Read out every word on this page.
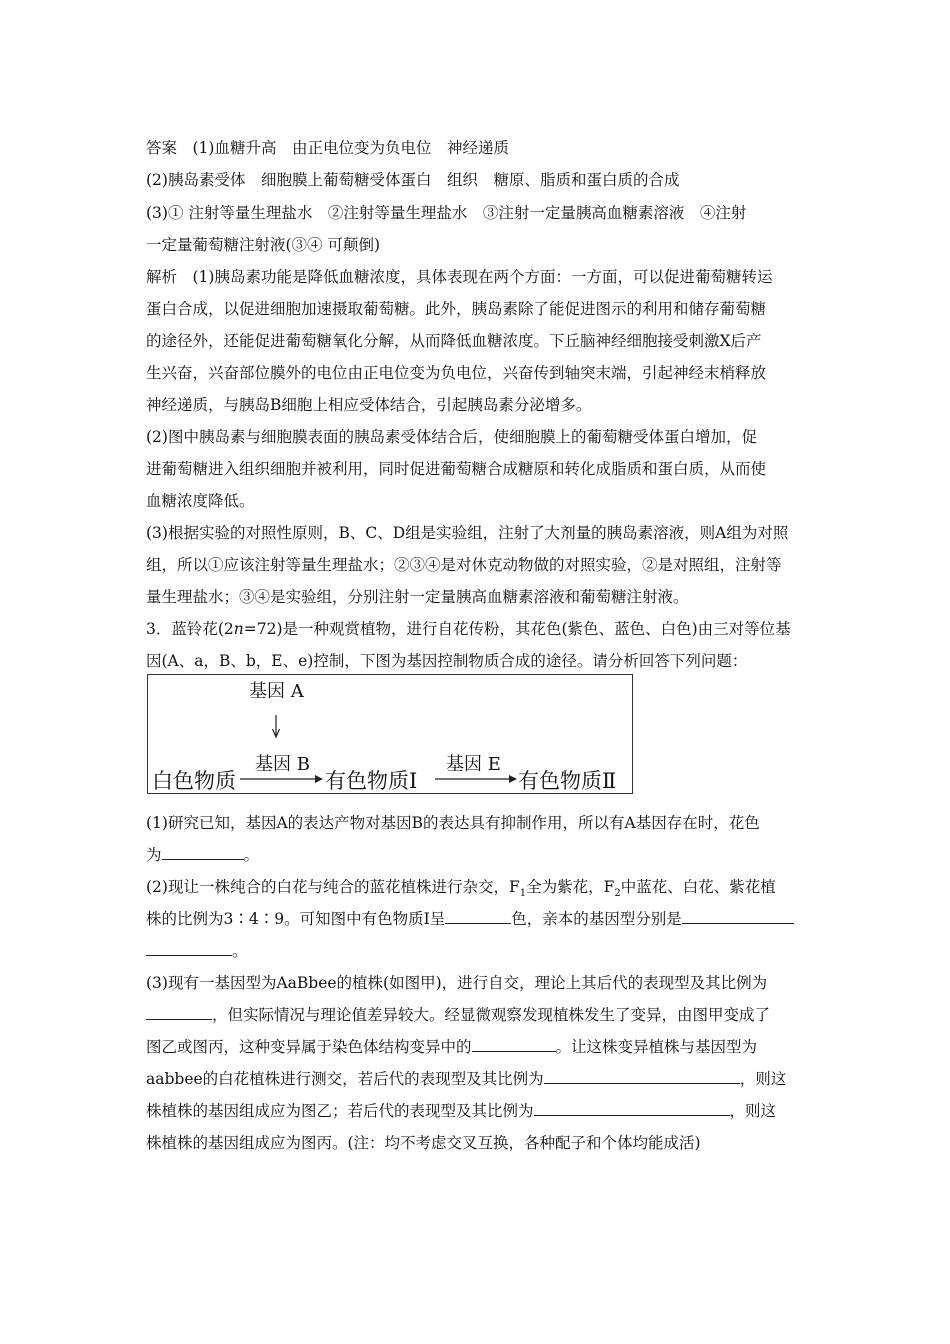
答案　(1)血糖升高　由正电位变为负电位　神经递质
(2)胰岛素受体　细胞膜上葡萄糖受体蛋白　组织　糖原、脂质和蛋白质的合成
(3)① 注射等量生理盐水　②注射等量生理盐水　③注射一定量胰高血糖素溶液　④注射
一定量葡萄糖注射液(③④ 可颠倒)
解析　(1)胰岛素功能是降低血糖浓度，具体表现在两个方面：一方面，可以促进葡萄糖转运
蛋白合成，以促进细胞加速摄取葡萄糖。此外，胰岛素除了能促进图示的利用和储存葡萄糖
的途径外，还能促进葡萄糖氧化分解，从而降低血糖浓度。下丘脑神经细胞接受刺激X后产
生兴奋，兴奋部位膜外的电位由正电位变为负电位，兴奋传到轴突末端，引起神经末梢释放
神经递质，与胰岛B细胞上相应受体结合，引起胰岛素分泌增多。
(2)图中胰岛素与细胞膜表面的胰岛素受体结合后，使细胞膜上的葡萄糖受体蛋白增加，促
进葡萄糖进入组织细胞并被利用，同时促进葡萄糖合成糖原和转化成脂质和蛋白质，从而使
血糖浓度降低。
(3)根据实验的对照性原则，B、C、D组是实验组，注射了大剂量的胰岛素溶液，则A组为对照
组，所以①应该注射等量生理盐水；②③④是对休克动物做的对照实验，②是对照组，注射等
量生理盐水；③④是实验组，分别注射一定量胰高血糖素溶液和葡萄糖注射液。
3．蓝铃花(2n=72)是一种观赏植物，进行自花传粉，其花色(紫色、蓝色、白色)由三对等位基
因(A、a，B、b，E、e)控制，下图为基因控制物质合成的途径。请分析回答下列问题：
基因 A
基因 B	基因 E
白色物质	有色物质Ⅰ	有色物质Ⅱ
(1)研究已知，基因A的表达产物对基因B的表达具有抑制作用，所以有A基因存在时，花色
为	。
(2)现让一株纯合的白花与纯合的蓝花植株进行杂交，$F_1$全为紫花，$F_2$中蓝花、白花、紫花植
株的比例为3∶4∶9。可知图中有色物质Ⅰ呈	色，亲本的基因型分别是
。
(3)现有一基因型为AaBbee的植株(如图甲)，进行自交，理论上其后代的表现型及其比例为
，但实际情况与理论值差异较大。经显微观察发现植株发生了变异，由图甲变成了
图乙或图丙，这种变异属于染色体结构变异中的	。让这株变异植株与基因型为
aabbee的白花植株进行测交，若后代的表现型及其比例为	，则这
株植株的基因组成应为图乙；若后代的表现型及其比例为	，则这
株植株的基因组成应为图丙。(注：均不考虑交叉互换，各种配子和个体均能成活)
